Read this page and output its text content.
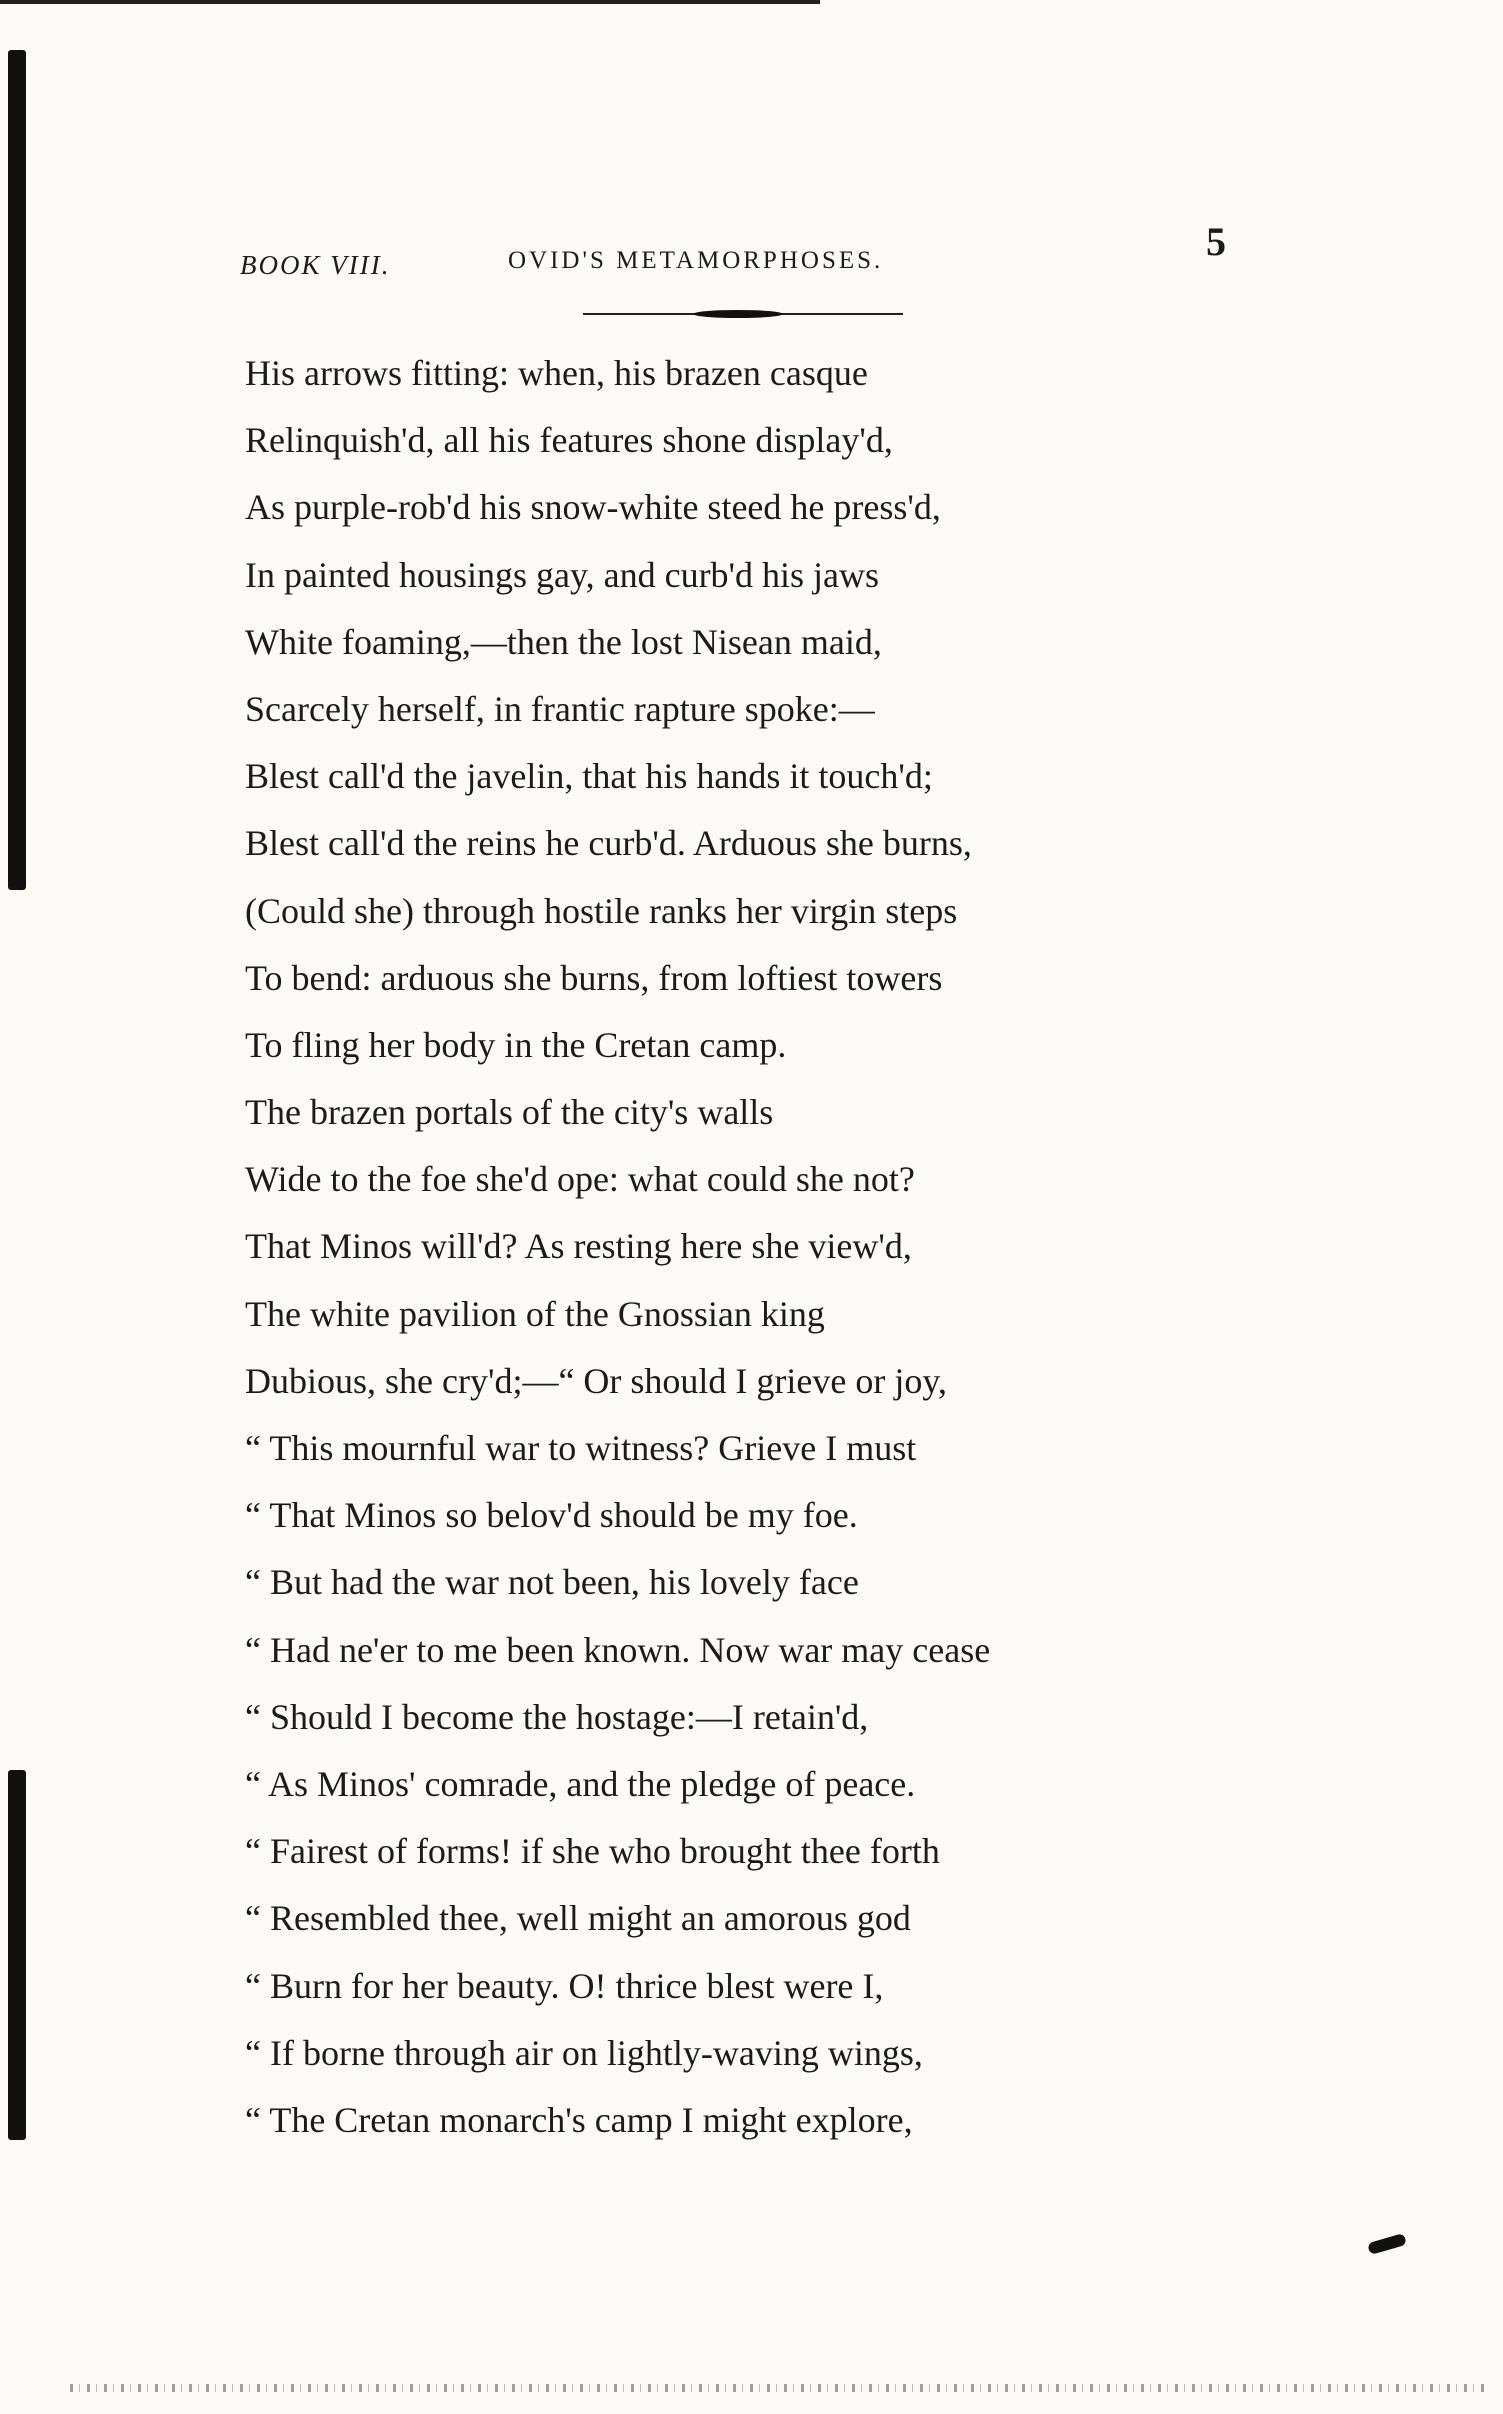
BOOK VIII.	OVID'S METAMORPHOSES.	5
His arrows fitting: when, his brazen casque
Relinquish'd, all his features shone display'd,
As purple-rob'd his snow-white steed he press'd,
In painted housings gay, and curb'd his jaws
White foaming,—then the lost Nisean maid,
Scarcely herself, in frantic rapture spoke:—
Blest call'd the javelin, that his hands it touch'd;
Blest call'd the reins he curb'd. Arduous she burns,
(Could she) through hostile ranks her virgin steps
To bend: arduous she burns, from loftiest towers
To fling her body in the Cretan camp.
The brazen portals of the city's walls
Wide to the foe she'd ope: what could she not?
That Minos will'd? As resting here she view'd,
The white pavilion of the Gnossian king
Dubious, she cry'd;—“ Or should I grieve or joy,
“ This mournful war to witness? Grieve I must
“ That Minos so belov'd should be my foe.
“ But had the war not been, his lovely face
“ Had ne'er to me been known. Now war may cease
“ Should I become the hostage:—I retain'd,
“ As Minos' comrade, and the pledge of peace.
“ Fairest of forms! if she who brought thee forth
“ Resembled thee, well might an amorous god
“ Burn for her beauty. O! thrice blest were I,
“ If borne through air on lightly-waving wings,
“ The Cretan monarch's camp I might explore,
